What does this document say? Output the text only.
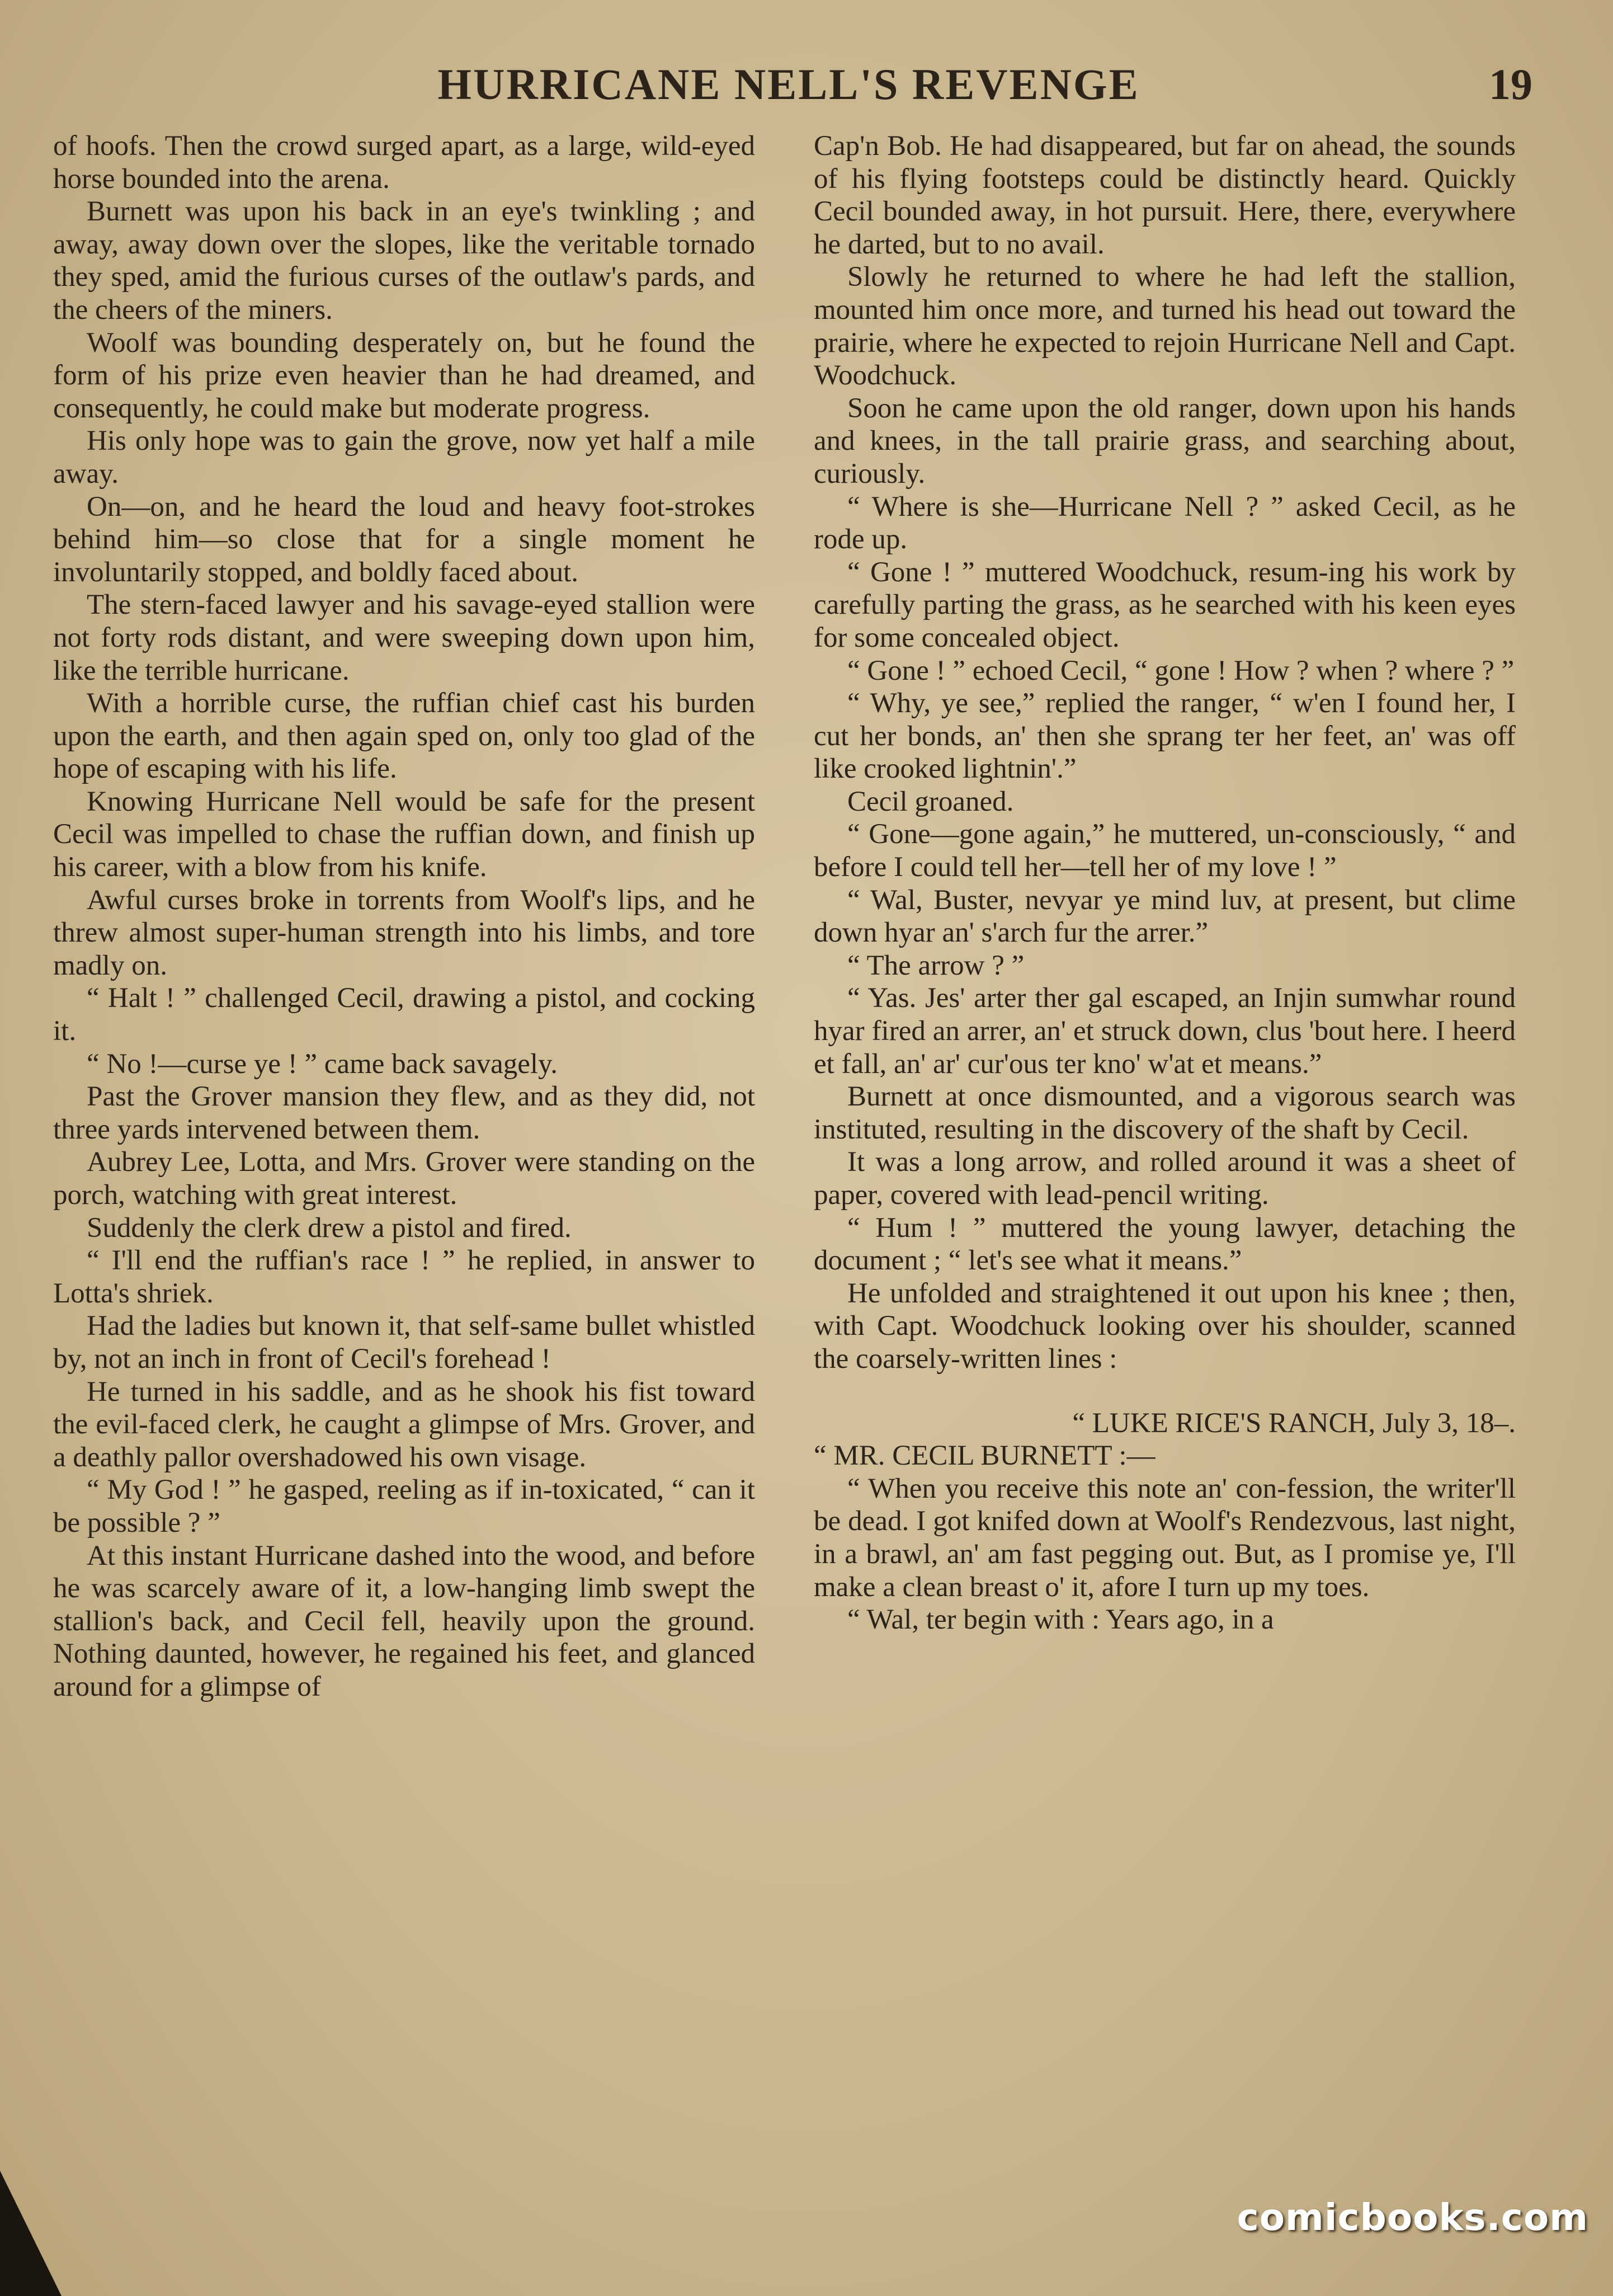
HURRICANE NELL'S REVENGE	19

of hoofs. Then the crowd surged apart, as a large, wild-eyed horse bounded into the arena.

Burnett was upon his back in an eye's twinkling ; and away, away down over the slopes, like the veritable tornado they sped, amid the furious curses of the outlaw's pards, and the cheers of the miners.

Woolf was bounding desperately on, but he found the form of his prize even heavier than he had dreamed, and consequently, he could make but moderate progress.

His only hope was to gain the grove, now yet half a mile away.

On—on, and he heard the loud and heavy foot-strokes behind him—so close that for a single moment he involuntarily stopped, and boldly faced about.

The stern-faced lawyer and his savage-eyed stallion were not forty rods distant, and were sweeping down upon him, like the terrible hurricane.

With a horrible curse, the ruffian chief cast his burden upon the earth, and then again sped on, only too glad of the hope of escaping with his life.

Knowing Hurricane Nell would be safe for the present Cecil was impelled to chase the ruffian down, and finish up his career, with a blow from his knife.

Awful curses broke in torrents from Woolf's lips, and he threw almost super-human strength into his limbs, and tore madly on.

“ Halt ! ” challenged Cecil, drawing a pistol, and cocking it.

“ No !—curse ye ! ” came back savagely.

Past the Grover mansion they flew, and as they did, not three yards intervened between them.

Aubrey Lee, Lotta, and Mrs. Grover were standing on the porch, watching with great interest.

Suddenly the clerk drew a pistol and fired.

“ I'll end the ruffian's race ! ” he replied, in answer to Lotta's shriek.

Had the ladies but known it, that self-same bullet whistled by, not an inch in front of Cecil's forehead !

He turned in his saddle, and as he shook his fist toward the evil-faced clerk, he caught a glimpse of Mrs. Grover, and a deathly pallor overshadowed his own visage.

“ My God ! ” he gasped, reeling as if in-toxicated, “ can it be possible ? ”

At this instant Hurricane dashed into the wood, and before he was scarcely aware of it, a low-hanging limb swept the stallion's back, and Cecil fell, heavily upon the ground. Nothing daunted, however, he regained his feet, and glanced around for a glimpse of

Cap'n Bob. He had disappeared, but far on ahead, the sounds of his flying footsteps could be distinctly heard. Quickly Cecil bounded away, in hot pursuit. Here, there, everywhere he darted, but to no avail.

Slowly he returned to where he had left the stallion, mounted him once more, and turned his head out toward the prairie, where he expected to rejoin Hurricane Nell and Capt. Woodchuck.

Soon he came upon the old ranger, down upon his hands and knees, in the tall prairie grass, and searching about, curiously.

“ Where is she—Hurricane Nell ? ” asked Cecil, as he rode up.

“ Gone ! ” muttered Woodchuck, resum-ing his work by carefully parting the grass, as he searched with his keen eyes for some concealed object.

“ Gone ! ” echoed Cecil, “ gone ! How ? when ? where ? ”

“ Why, ye see,” replied the ranger, “ w'en I found her, I cut her bonds, an' then she sprang ter her feet, an' was off like crooked lightnin'.”

Cecil groaned.

“ Gone—gone again,” he muttered, un-consciously, “ and before I could tell her—tell her of my love ! ”

“ Wal, Buster, nevyar ye mind luv, at present, but clime down hyar an' s'arch fur the arrer.”

“ The arrow ? ”

“ Yas. Jes' arter ther gal escaped, an Injin sumwhar round hyar fired an arrer, an' et struck down, clus 'bout here. I heerd et fall, an' ar' cur'ous ter kno' w'at et means.”

Burnett at once dismounted, and a vigorous search was instituted, resulting in the discovery of the shaft by Cecil.

It was a long arrow, and rolled around it was a sheet of paper, covered with lead-pencil writing.

“ Hum ! ” muttered the young lawyer, detaching the document ; “ let's see what it means.”

He unfolded and straightened it out upon his knee ; then, with Capt. Woodchuck looking over his shoulder, scanned the coarsely-written lines :

“ LUKE RICE'S RANCH, July 3, 18–.

“ MR. CECIL BURNETT :—

“ When you receive this note an' con-fession, the writer'll be dead. I got knifed down at Woolf's Rendezvous, last night, in a brawl, an' am fast pegging out. But, as I promise ye, I'll make a clean breast o' it, afore I turn up my toes.

“ Wal, ter begin with : Years ago, in a

comicbooks.com
